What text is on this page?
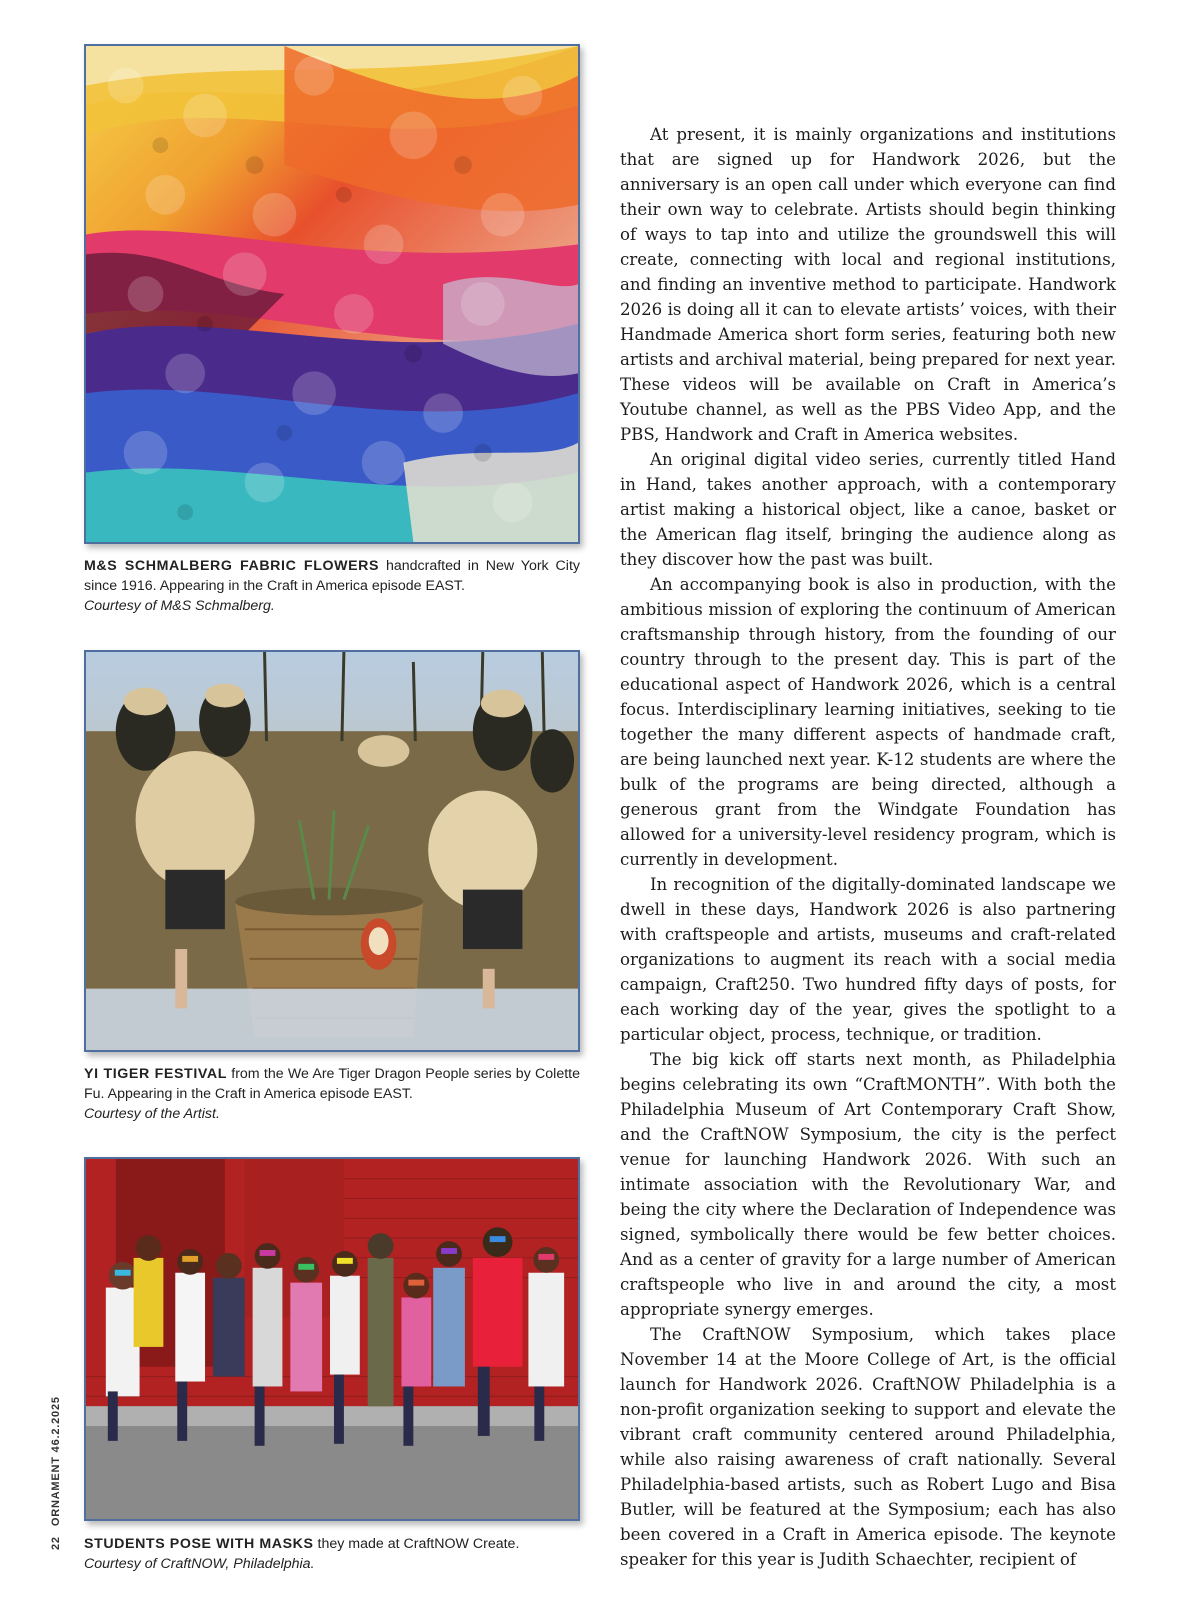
M&S SCHMALBERG FABRIC FLOWERS handcrafted in New York City since 1916. Appearing in the Craft in America episode EAST.
Courtesy of M&S Schmalberg.
YI TIGER FESTIVAL from the We Are Tiger Dragon People series by Colette Fu. Appearing in the Craft in America episode EAST.
Courtesy of the Artist.
STUDENTS POSE WITH MASKS they made at CraftNOW Create.
Courtesy of CraftNOW, Philadelphia.

At present, it is mainly organizations and institutions that are signed up for Handwork 2026, but the anniversary is an open call under which everyone can find their own way to celebrate. Artists should begin thinking of ways to tap into and utilize the groundswell this will create, connecting with local and regional institutions, and finding an inventive method to participate. Handwork 2026 is doing all it can to elevate artists’ voices, with their Handmade America short form series, featuring both new artists and archival material, being prepared for next year. These videos will be available on Craft in America’s Youtube channel, as well as the PBS Video App, and the PBS, Handwork and Craft in America websites.

An original digital video series, currently titled Hand in Hand, takes another approach, with a contemporary artist making a historical object, like a canoe, basket or the American flag itself, bringing the audience along as they discover how the past was built.

An accompanying book is also in production, with the ambitious mission of exploring the continuum of American craftsmanship through history, from the founding of our country through to the present day. This is part of the educational aspect of Handwork 2026, which is a central focus. Interdisciplinary learning initiatives, seeking to tie together the many different aspects of handmade craft, are being launched next year. K-12 students are where the bulk of the programs are being directed, although a generous grant from the Windgate Foundation has allowed for a university-level residency program, which is currently in development.

In recognition of the digitally-dominated landscape we dwell in these days, Handwork 2026 is also partnering with craftspeople and artists, museums and craft-related organizations to augment its reach with a social media campaign, Craft250. Two hundred fifty days of posts, for each working day of the year, gives the spotlight to a particular object, process, technique, or tradition.

The big kick off starts next month, as Philadelphia begins celebrating its own “CraftMONTH”. With both the Philadelphia Museum of Art Contemporary Craft Show, and the CraftNOW Symposium, the city is the perfect venue for launching Handwork 2026. With such an intimate association with the Revolutionary War, and being the city where the Declaration of Independence was signed, symbolically there would be few better choices. And as a center of gravity for a large number of American craftspeople who live in and around the city, a most appropriate synergy emerges.

The CraftNOW Symposium, which takes place November 14 at the Moore College of Art, is the official launch for Handwork 2026. CraftNOW Philadelphia is a non-profit organization seeking to support and elevate the vibrant craft community centered around Philadelphia, while also raising awareness of craft nationally. Several Philadelphia-based artists, such as Robert Lugo and Bisa Butler, will be featured at the Symposium; each has also been covered in a Craft in America episode. The keynote speaker for this year is Judith Schaechter, recipient of

22ORNAMENT 46.2.2025
